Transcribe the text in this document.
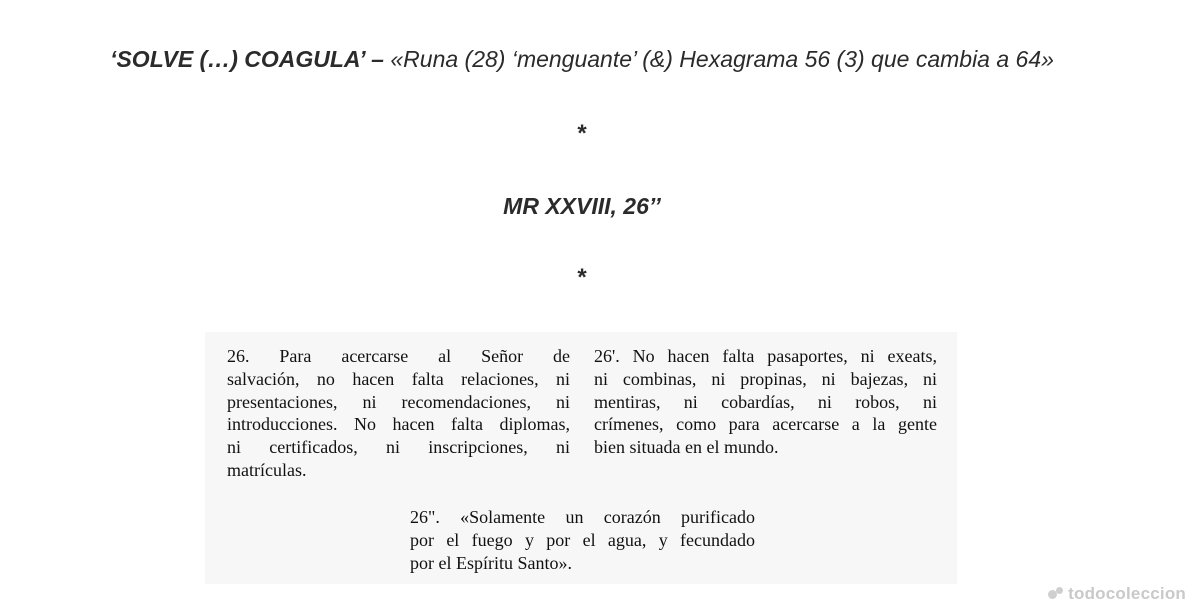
‘SOLVE (…) COAGULA’ – «Runa (28) ‘menguante’ (&) Hexagrama 56 (3) que cambia a 64»
*
MR XXVIII, 26’’
*
26. Para acercarse al Señor de
salvación, no hacen falta relaciones, ni
presentaciones, ni recomendaciones, ni
introducciones. No hacen falta diplomas,
ni certificados, ni inscripciones, ni
matrículas.
26'. No hacen falta pasaportes, ni exeats,
ni combinas, ni propinas, ni bajezas, ni
mentiras, ni cobardías, ni robos, ni
crímenes, como para acercarse a la gente
bien situada en el mundo.
26". «Solamente un corazón purificado
por el fuego y por el agua, y fecundado
por el Espíritu Santo».
todocoleccion
